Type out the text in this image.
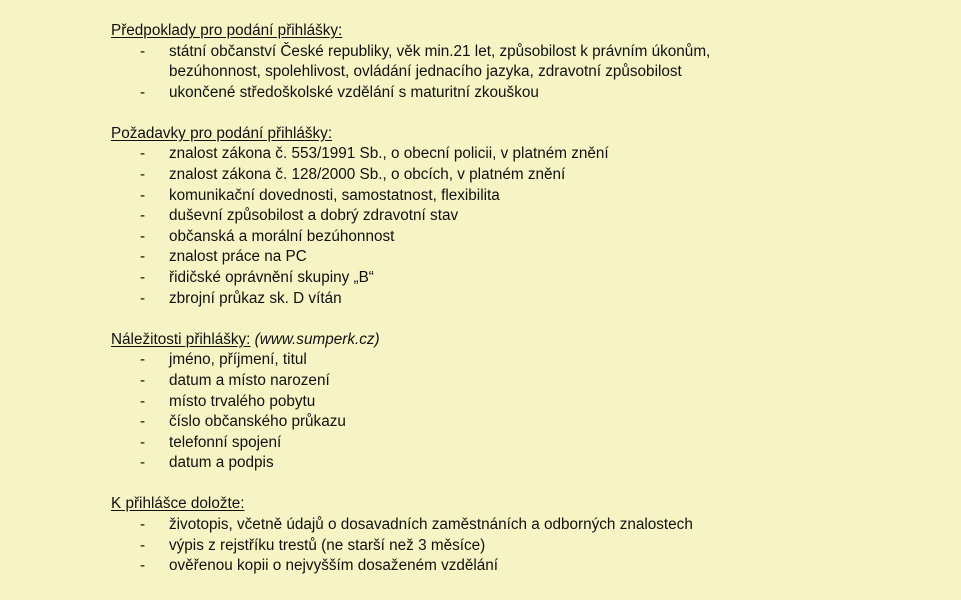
Předpoklady pro podání přihlášky:
- státní občanství České republiky, věk min.21 let, způsobilost k právním úkonům,
bezúhonnost, spolehlivost, ovládání jednacího jazyka, zdravotní způsobilost
- ukončené středoškolské vzdělání s maturitní zkouškou
Požadavky pro podání přihlášky:
- znalost zákona č. 553/1991 Sb., o obecní policii, v platném znění
- znalost zákona č. 128/2000 Sb., o obcích, v platném znění
- komunikační dovednosti, samostatnost, flexibilita
- duševní způsobilost a dobrý zdravotní stav
- občanská a morální bezúhonnost
- znalost práce na PC
- řidičské oprávnění skupiny „B“
- zbrojní průkaz sk. D vítán
Náležitosti přihlášky: (www.sumperk.cz)
- jméno, příjmení, titul
- datum a místo narození
- místo trvalého pobytu
- číslo občanského průkazu
- telefonní spojení
- datum a podpis
K přihlášce doložte:
- životopis, včetně údajů o dosavadních zaměstnáních a odborných znalostech
- výpis z rejstříku trestů (ne starší než 3 měsíce)
- ověřenou kopii o nejvyšším dosaženém vzdělání
